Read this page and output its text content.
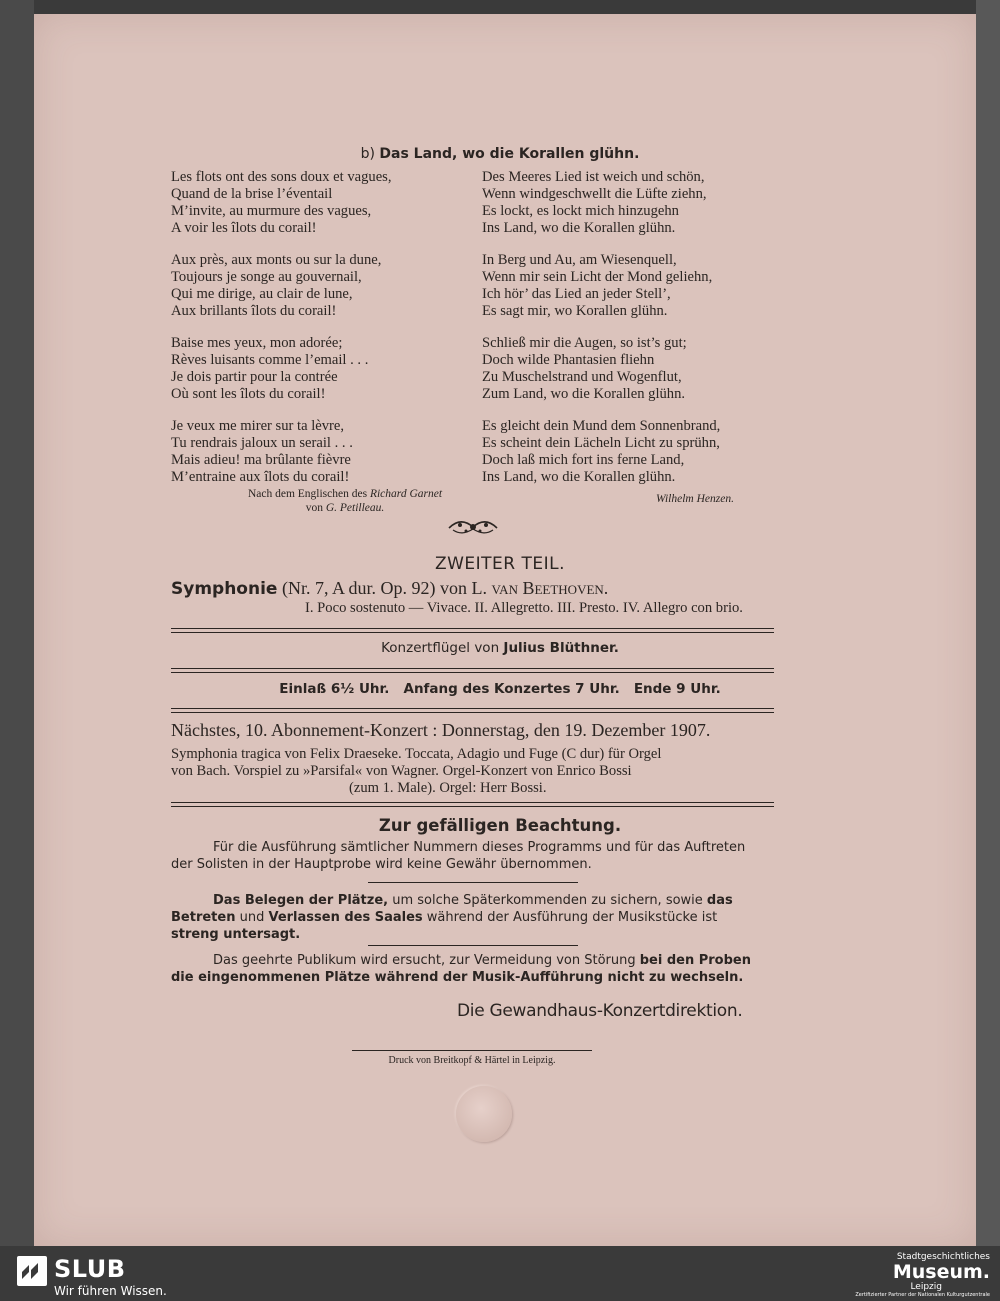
b) Das Land, wo die Korallen glühn.
Les flots ont des sons doux et vagues,
Quand de la brise l’éventail
M’invite, au murmure des vagues,
A voir les îlots du corail!
Aux près, aux monts ou sur la dune,
Toujours je songe au gouvernail,
Qui me dirige, au clair de lune,
Aux brillants îlots du corail!
Baise mes yeux, mon adorée;
Rèves luisants comme l’email . . .
Je dois partir pour la contrée
Où sont les îlots du corail!
Je veux me mirer sur ta lèvre,
Tu rendrais jaloux un serail . . .
Mais adieu! ma brûlante fièvre
M’entraine aux îlots du corail!
Des Meeres Lied ist weich und schön,
Wenn windgeschwellt die Lüfte ziehn,
Es lockt, es lockt mich hinzugehn
Ins Land, wo die Korallen glühn.
In Berg und Au, am Wiesenquell,
Wenn mir sein Licht der Mond geliehn,
Ich hör’ das Lied an jeder Stell’,
Es sagt mir, wo Korallen glühn.
Schließ mir die Augen, so ist’s gut;
Doch wilde Phantasien fliehn
Zu Muschelstrand und Wogenflut,
Zum Land, wo die Korallen glühn.
Es gleicht dein Mund dem Sonnenbrand,
Es scheint dein Lächeln Licht zu sprühn,
Doch laß mich fort ins ferne Land,
Ins Land, wo die Korallen glühn.
Nach dem Englischen des Richard Garnet
von G. Petilleau.
Wilhelm Henzen.
ZWEITER TEIL.
Symphonie (Nr. 7, A dur. Op. 92) von L. van Beethoven.
I. Poco sostenuto — Vivace. II. Allegretto. III. Presto. IV. Allegro con brio.
Konzertflügel von Julius Blüthner.
Einlaß 6½ Uhr.   Anfang des Konzertes 7 Uhr.   Ende 9 Uhr.
Nächstes, 10. Abonnement-Konzert : Donnerstag, den 19. Dezember 1907.
Symphonia tragica von Felix Draeseke. Toccata, Adagio und Fuge (C dur) für Orgel
von Bach. Vorspiel zu »Parsifal« von Wagner. Orgel-Konzert von Enrico Bossi
(zum 1. Male). Orgel: Herr Bossi.
Zur gefälligen Beachtung.
Für die Ausführung sämtlicher Nummern dieses Programms und für das Auftreten
der Solisten in der Hauptprobe wird keine Gewähr übernommen.
Das Belegen der Plätze, um solche Späterkommenden zu sichern, sowie das
Betreten und Verlassen des Saales während der Ausführung der Musikstücke ist
streng untersagt.
Das geehrte Publikum wird ersucht, zur Vermeidung von Störung bei den Proben
die eingenommenen Plätze während der Musik-Aufführung nicht zu wechseln.
Die Gewandhaus-Konzertdirektion.
Druck von Breitkopf & Härtel in Leipzig.
SLUB
Wir führen Wissen.
Stadtgeschichtliches
Museum.
Leipzig
Zertifizierter Partner der Nationalen Kulturgutzentrale
